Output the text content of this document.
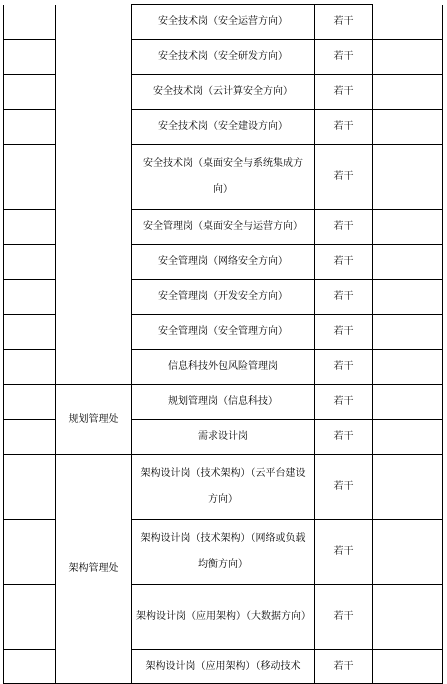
		安全技术岗（安全运营方向）	若干	
		安全技术岗（安全研发方向）	若干	
		安全技术岗（云计算安全方向）	若干	
		安全技术岗（安全建设方向）	若干	
		安全技术岗（桌面安全与系统集成方向）	若干	
		安全管理岗（桌面安全与运营方向）	若干	
		安全管理岗（网络安全方向）	若干	
		安全管理岗（开发安全方向）	若干	
		安全管理岗（安全管理方向）	若干	
		信息科技外包风险管理岗	若干	
	规划管理处	规划管理岗（信息科技）	若干	
		需求设计岗	若干	
	架构管理处	架构设计岗（技术架构）（云平台建设方向）	若干	
		架构设计岗（技术架构）（网络或负载均衡方向）	若干	
		架构设计岗（应用架构）（大数据方向）	若干	
		架构设计岗（应用架构）（移动技术	若干	
